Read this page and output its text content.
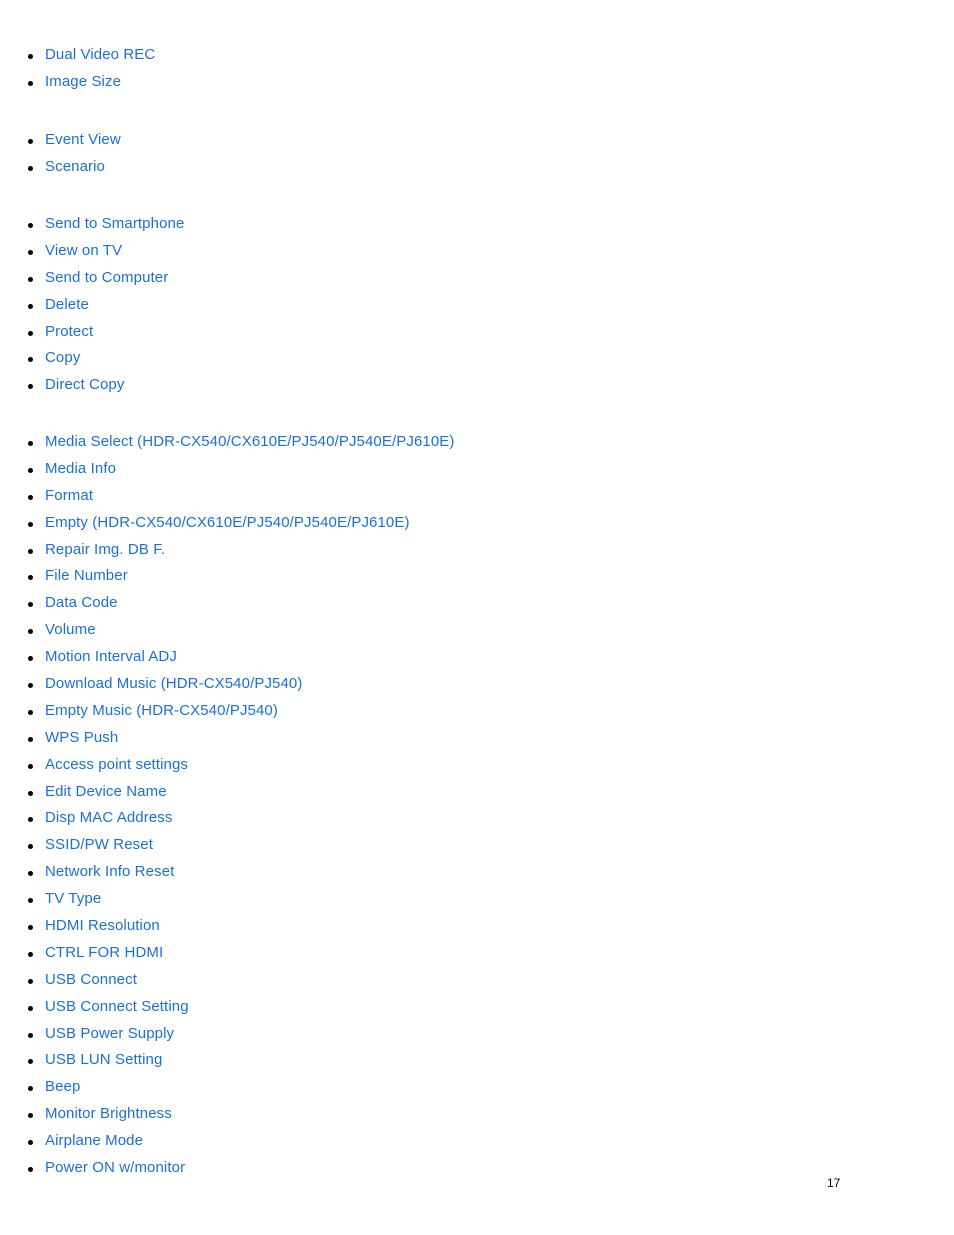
Dual Video REC
Image Size
Event View
Scenario
Send to Smartphone
View on TV
Send to Computer
Delete
Protect
Copy
Direct Copy
Media Select (HDR-CX540/CX610E/PJ540/PJ540E/PJ610E)
Media Info
Format
Empty (HDR-CX540/CX610E/PJ540/PJ540E/PJ610E)
Repair Img. DB F.
File Number
Data Code
Volume
Motion Interval ADJ
Download Music (HDR-CX540/PJ540)
Empty Music (HDR-CX540/PJ540)
WPS Push
Access point settings
Edit Device Name
Disp MAC Address
SSID/PW Reset
Network Info Reset
TV Type
HDMI Resolution
CTRL FOR HDMI
USB Connect
USB Connect Setting
USB Power Supply
USB LUN Setting
Beep
Monitor Brightness
Airplane Mode
Power ON w/monitor
17
